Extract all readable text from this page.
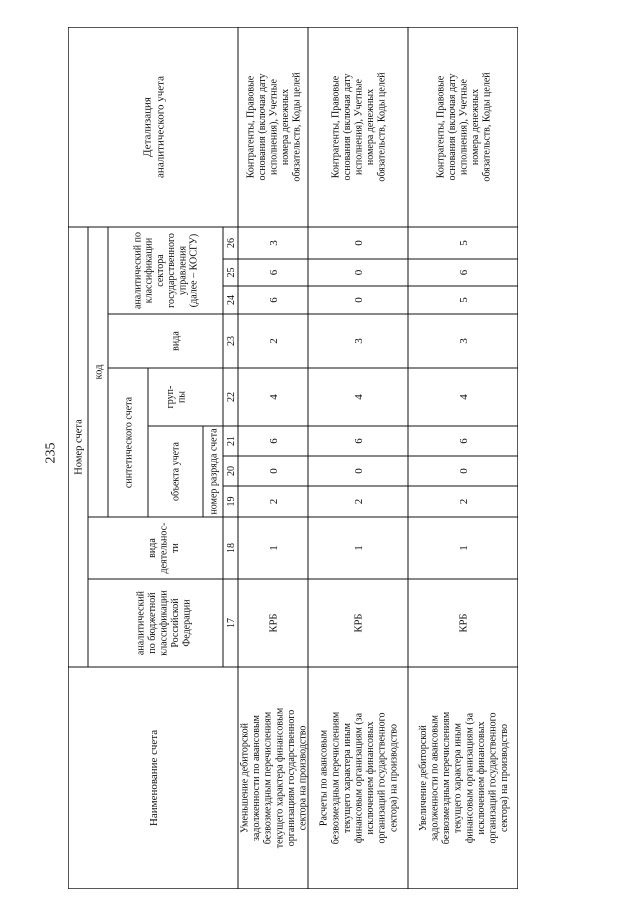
235
Наименование счета
Номер счета
код
аналитическийпо бюджетнойклассификацииРоссийскойФедерации
видадеятельнос-ти
синтетического счета	объекта учета
груп-пы
вида
аналитический поклассификациисекторагосударственногоуправления(далее – КОСГУ)
номер разряда счета
Детализацияаналитического учета
17
18
19
20
21
22
23
24
25
26
Уменьшение дебиторскойзадолженности по авансовымбезвозмездным перечислениямтекущего характера финансовыморганизациям государственногосектора на производство
КРБ
1
2
0
6
4
2
6
6
3
Контрагенты, Правовыеоснования (включая датуисполнения), Учетныеномера денежныхобязательств, Коды целей
Расчеты по авансовымбезвозмездным перечислениямтекущего характера инымфинансовым организациям (заисключением финансовыхорганизаций государственногосектора) на производство
КРБ
1
2
0
6
4
3
0
0
0
Контрагенты, Правовыеоснования (включая датуисполнения), Учетныеномера денежныхобязательств, Коды целей
Увеличение дебиторскойзадолженности по авансовымбезвозмездным перечислениямтекущего характера инымфинансовым организациям (заисключением финансовыхорганизаций государственногосектора) на производство
КРБ
1
2
0
6
4
3
5
6
5
Контрагенты, Правовыеоснования (включая датуисполнения), Учетныеномера денежныхобязательств, Коды целей
